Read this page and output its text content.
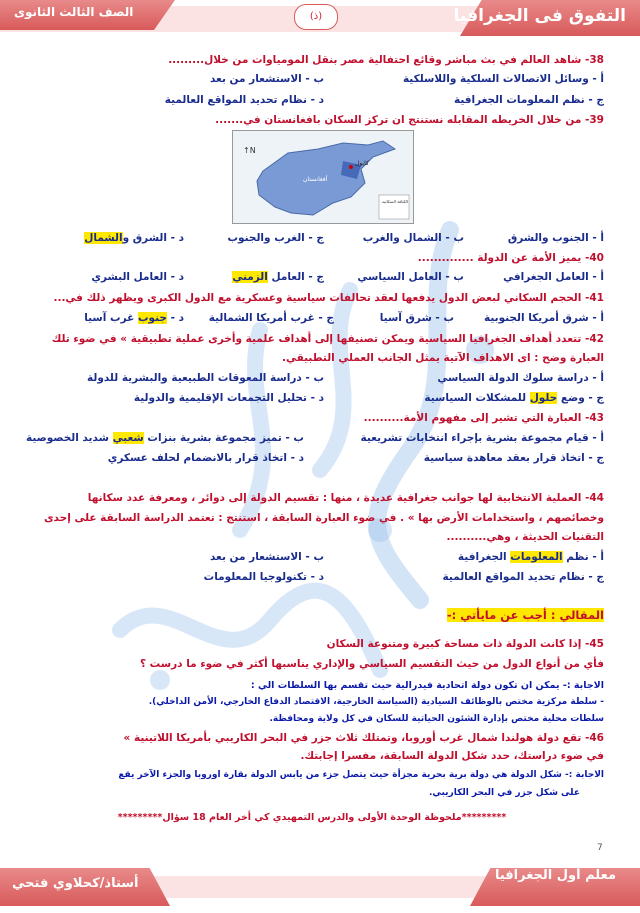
التفوق فى الجغرافيا
الصف الثالث الثانوى	(ذ)
38- شاهد العالم في بث مباشر وقائع احتفالية مصر بنقل المومياوات من خلال.........
أ - وسائل الاتصالات السلكية واللاسلكيةب - الاستشعار من بعد
ج - نظم المعلومات الجغرافيةد - نظام تحديد المواقع العالمية
39- من خلال الخريطه المقابله نستنتج ان تركز السكان بافغانستان في.......
كابول
أفغانستان
الكثافة السكانية
↑N
أ - الجنوب والشرقب - الشمال والغربج - الغرب والجنوبد - الشرق والشمال
40- يميز الأمة عن الدولة ..............
أ - العامل الجغرافيب - العامل السياسيج - العامل الزمنيد - العامل البشري
41- الحجم السكاني لبعض الدول يدفعها لعقد تحالفات سياسية وعسكرية مع الدول الكبرى ويظهر ذلك في...
أ - شرق أمريكا الجنوبيةب - شرق آسياج - غرب أمريكا الشماليةد - جنوب غرب آسيا
42- تتعدد أهداف الجغرافيا السياسية ويمكن تصنيفها إلى أهداف علمية وأخرى عملية تطبيقية » في ضوء تلك
العبارة وضح : اى الاهداف الآتية يمثل الجانب العملي التطبيقي.
أ - دراسة سلوك الدولة السياسيب - دراسة المعوقات الطبيعية والبشرية للدولة
ج - وضع حلول للمشكلات السياسيةد - تحليل التجمعات الإقليمية والدولية
43- العبارة التي تشير إلى مفهوم الأمة..........
أ - قيام مجموعة بشرية بإجراء انتخابات تشريعيةب - تميز مجموعة بشرية بنزات شعبي شديد الخصوصية
ج - اتخاذ قرار بعقد معاهدة سياسيةد - اتخاذ قرار بالانضمام لحلف عسكري
44- العملية الانتخابية لها جوانب جغرافية عديدة ، منها : تقسيم الدولة إلى دوائر ، ومعرفة عدد سكانها
وخصائصهم ، واستخدامات الأرض بها » . في ضوء العبارة السابقة ، استنتج : تعتمد الدراسة السابقة على إحدى
التقنيات الحديثة ، وهي..........
أ - نظم المعلومات الجغرافيةب - الاستشعار من بعد
ج - نظام تحديد المواقع العالميةد - تكنولوجيا المعلومات
المقالي : أجب عن مايأتي :-
45- إذا كانت الدولة ذات مساحة كبيرة ومتنوعة السكان
فأي من أنواع الدول من حيث التقسيم السياسي والإداري يناسبها أكثر في ضوء ما درست ؟
الاجابة :- يمكن ان تكون دولة اتحادية فيدرالية حيث تقسم بها السلطات الي :
- سلطة مركزية مختص بالوظائف السيادية (السياسة الخارجية، الاقتصاد الدفاع الخارجي، الأمن الداخلي).
سلطات محلية مختص بإدارة الشئون الحياتية للسكان في كل ولاية ومحافظة.
46- تقع دولة هولندا شمال غرب أوروبا، وتمتلك ثلاث جزر في البحر الكاريبي بأمريكا اللاتينية »
في ضوء دراستك، حدد شكل الدولة السابقة، مفسرا إجابتك.
الاجابة :- شكل الدولة هي دولة برية بحرية مجزأة حيث يتصل جزء من يابس الدولة بقارة اوروبا والجزء الآخر يقع
على شكل جزر في البحر الكاريبي.
*********ملحوظة الوحدة الأولى والدرس التمهيدي كي أخر العام 18 سؤال*********
7
أستاذ/كحلاوي فتحي
معلم أول الجغرافيا
